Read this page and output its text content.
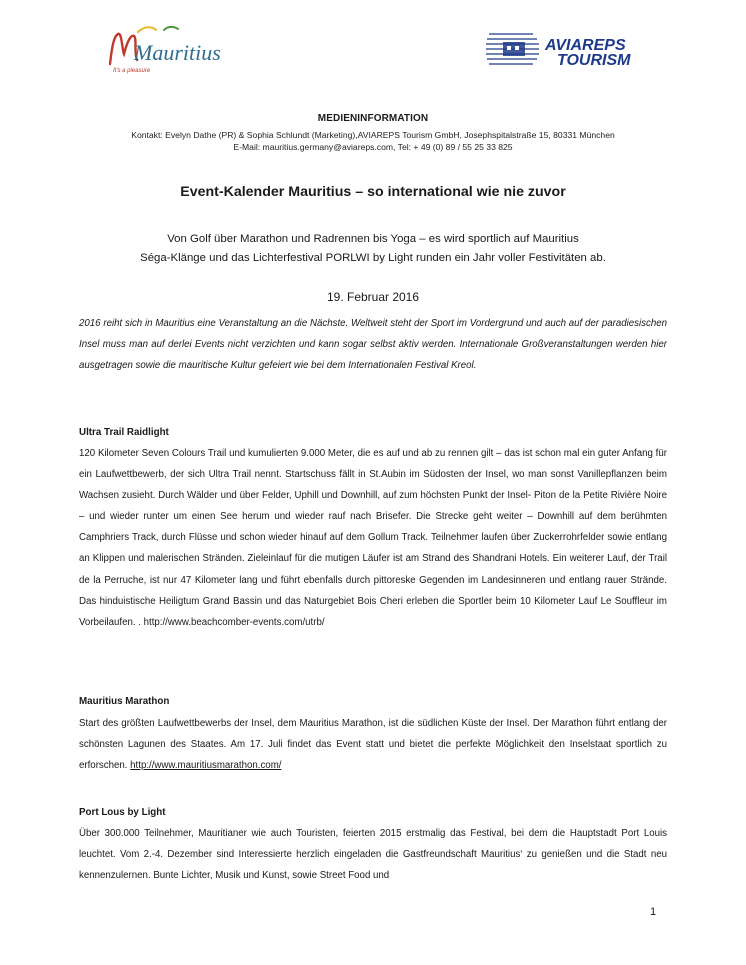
Mauritius
It's a pleasure
AVIAREPS
TOURISM
MEDIENINFORMATION
Kontakt: Evelyn Dathe (PR) & Sophia Schlundt (Marketing),AVIAREPS Tourism GmbH, Josephspitalstraße 15, 80331 München
E-Mail: mauritius.germany@aviareps.com, Tel: + 49 (0) 89 / 55 25 33 825
Event-Kalender Mauritius – so international wie nie zuvor
Von Golf über Marathon und Radrennen bis Yoga – es wird sportlich auf Mauritius
Séga-Klänge und das Lichterfestival PORLWI by Light runden ein Jahr voller Festivitäten ab.
19. Februar 2016
2016 reiht sich in Mauritius eine Veranstaltung an die Nächste. Weltweit steht der Sport im Vordergrund und auch auf der paradiesischen Insel muss man auf derlei Events nicht verzichten und kann sogar selbst aktiv werden. Internationale Großveranstaltungen werden hier ausgetragen sowie die mauritische Kultur gefeiert wie bei dem Internationalen Festival Kreol.
Ultra Trail Raidlight
120 Kilometer Seven Colours Trail und kumulierten 9.000 Meter, die es auf und ab zu rennen gilt – das ist schon mal ein guter Anfang für ein Laufwettbewerb, der sich Ultra Trail nennt. Startschuss fällt in St.Aubin im Südosten der Insel, wo man sonst Vanillepflanzen beim Wachsen zusieht. Durch Wälder und über Felder, Uphill und Downhill, auf zum höchsten Punkt der Insel- Piton de la Petite Rivière Noire – und wieder runter um einen See herum und wieder rauf nach Brisefer. Die Strecke geht weiter – Downhill auf dem berühmten Camphriers Track, durch Flüsse und schon wieder hinauf auf dem Gollum Track. Teilnehmer laufen über Zuckerrohrfelder sowie entlang an Klippen und malerischen Stränden. Zieleinlauf für die mutigen Läufer ist am Strand des Shandrani Hotels. Ein weiterer Lauf, der Trail de la Perruche, ist nur 47 Kilometer lang und führt ebenfalls durch pittoreske Gegenden im Landesinneren und entlang rauer Strände. Das hinduistische Heiligtum Grand Bassin und das Naturgebiet Bois Cheri erleben die Sportler beim 10 Kilometer Lauf Le Souffleur im Vorbeilaufen. . http://www.beachcomber-events.com/utrb/
Mauritius Marathon
Start des größten Laufwettbewerbs der Insel, dem Mauritius Marathon, ist die südlichen Küste der Insel. Der Marathon führt entlang der schönsten Lagunen des Staates. Am 17. Juli findet das Event statt und bietet die perfekte Möglichkeit den Inselstaat sportlich zu erforschen. http://www.mauritiusmarathon.com/
Port Lous by Light
Über 300.000 Teilnehmer, Mauritianer wie auch Touristen, feierten 2015 erstmalig das Festival, bei dem die Hauptstadt Port Louis leuchtet. Vom 2.-4. Dezember sind Interessierte herzlich eingeladen die Gastfreundschaft Mauritius‘ zu genießen und die Stadt neu kennenzulernen. Bunte Lichter, Musik und Kunst, sowie Street Food und
1
